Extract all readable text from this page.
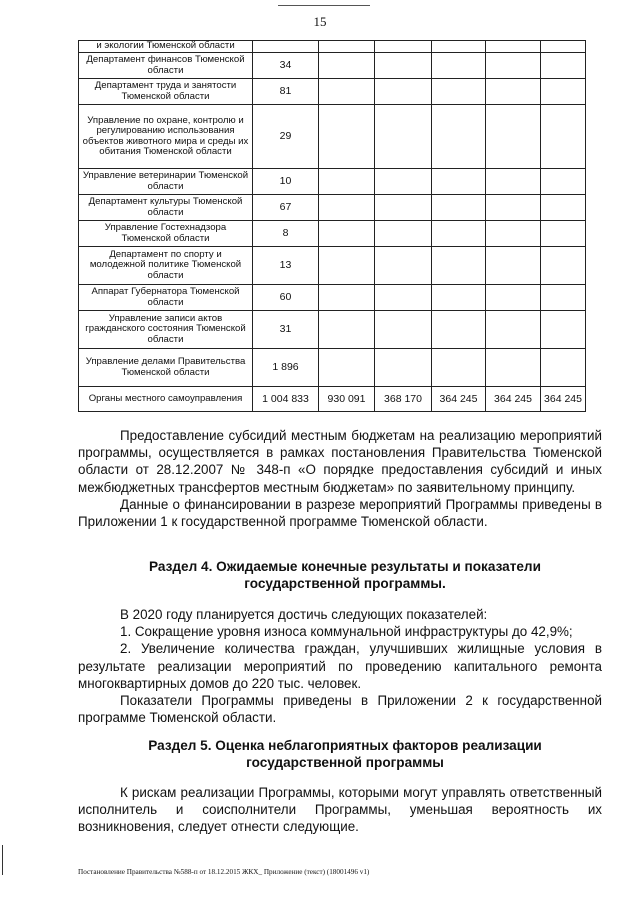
15
и экологии Тюменской области						
Департамент финансов Тюменской области	34					
Департамент труда и занятости Тюменской области	81					
Управление по охране, контролю и регулированию использования объектов животного мира и среды их обитания Тюменской области	29					
Управление ветеринарии Тюменской области	10					
Департамент культуры Тюменской области	67					
Управление Гостехнадзора Тюменской области	8					
Департамент по спорту и молодежной политике Тюменской области	13					
Аппарат Губернатора Тюменской области	60					
Управление записи актов гражданского состояния Тюменской области	31					
Управление делами Правительства Тюменской области	1 896					
Органы местного самоуправления	1 004 833	930 091	368 170	364 245	364 245	364 245

Предоставление субсидий местным бюджетам на реализацию мероприятий программы, осуществляется в рамках постановления Правительства Тюменской области от 28.12.2007 № 348-п «О порядке предоставления субсидий и иных межбюджетных трансфертов местным бюджетам» по заявительному принципу.

Данные о финансировании в разрезе мероприятий Программы приведены в Приложении 1 к государственной программе Тюменской области.

Раздел 4. Ожидаемые конечные результаты и показатели государственной программы.

В 2020 году планируется достичь следующих показателей:

1. Сокращение уровня износа коммунальной инфраструктуры до 42,9%;

2. Увеличение количества граждан, улучшивших жилищные условия в результате реализации мероприятий по проведению капитального ремонта многоквартирных домов до 220 тыс. человек.

Показатели Программы приведены в Приложении 2 к государственной программе Тюменской области.

Раздел 5. Оценка неблагоприятных факторов реализации государственной программы

К рискам реализации Программы, которыми могут управлять ответственный исполнитель и соисполнители Программы, уменьшая вероятность их возникновения, следует отнести следующие.

Постановление Правительства №588-п от 18.12.2015 ЖКХ_ Приложение (текст) (18001496 v1)
